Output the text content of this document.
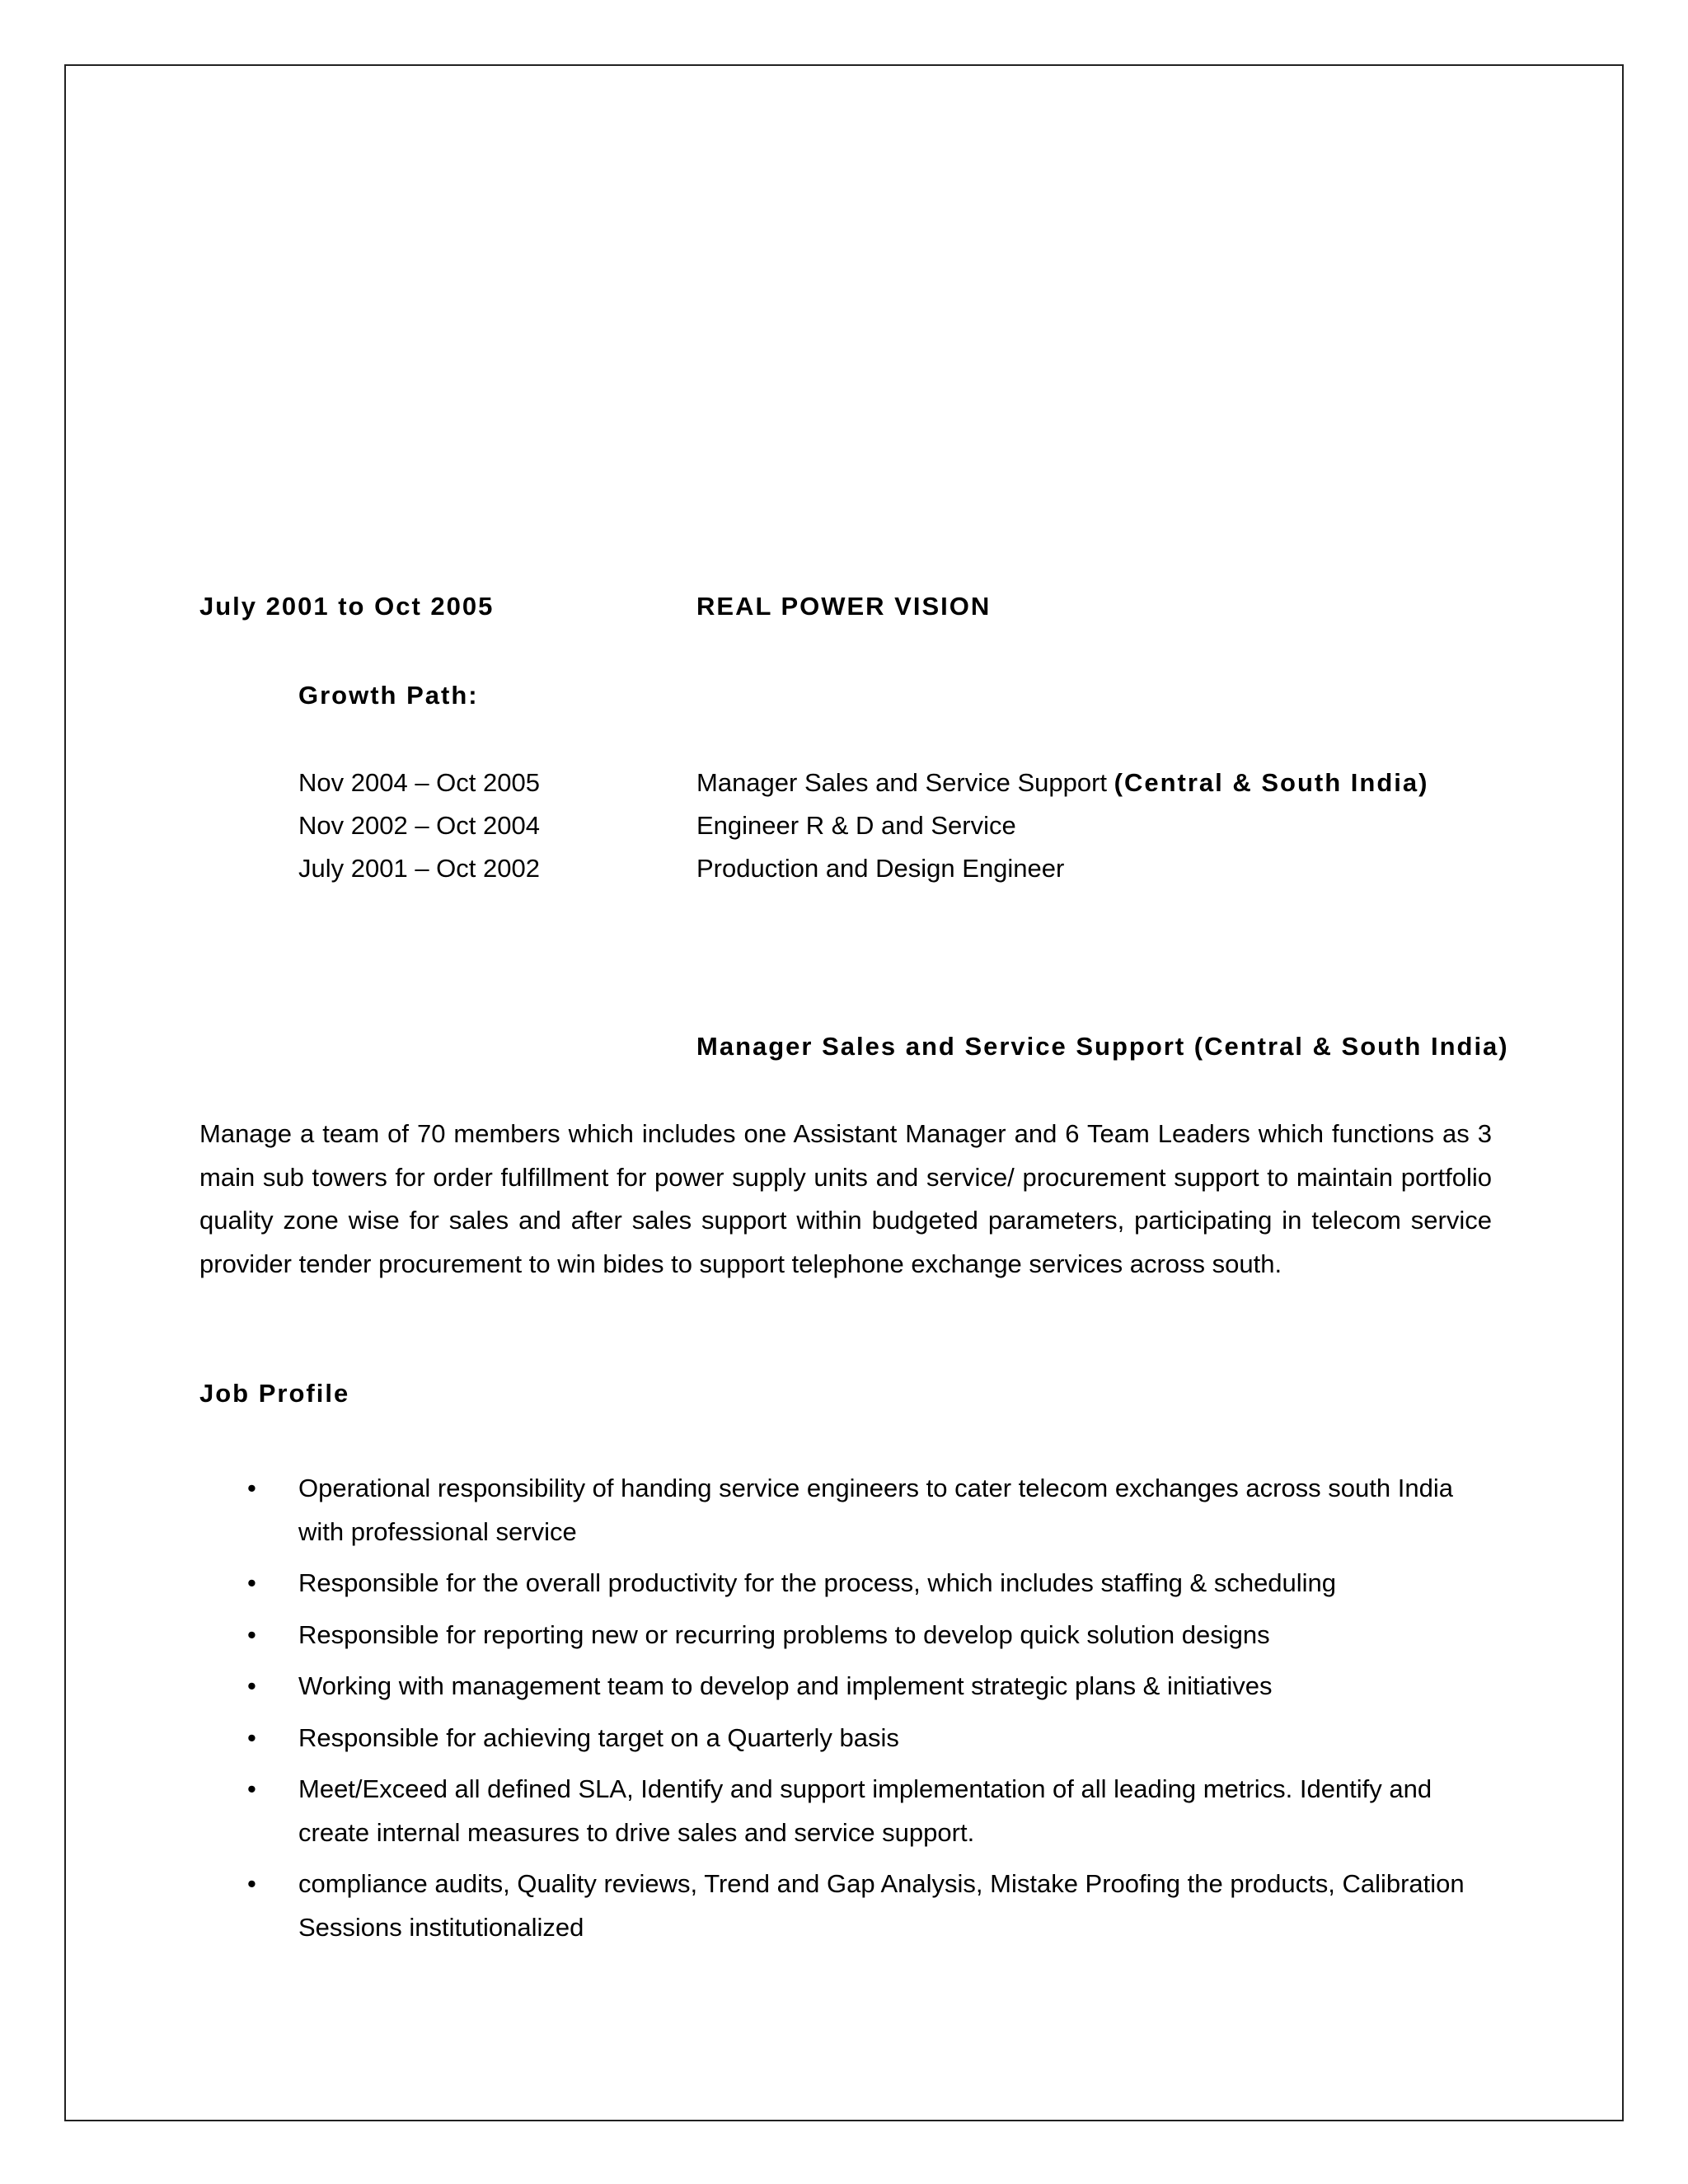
July 2001 to Oct 2005	REAL POWER VISION
Growth Path:
Nov 2004 – Oct 2005	Manager Sales and Service Support (Central & South India)
Nov 2002 – Oct 2004	Engineer R & D and Service
July 2001 – Oct 2002	Production and Design Engineer
Manager Sales and Service Support (Central & South India)
Manage a team of 70 members which includes one Assistant Manager and 6 Team Leaders which functions as 3 main sub towers for order fulfillment for power supply units and service/ procurement support to maintain portfolio quality zone wise for sales and after sales support within budgeted parameters, participating in telecom service provider tender procurement to win bides to support telephone exchange services across south.
Job Profile
• Operational responsibility of handing service engineers to cater telecom exchanges across south India with professional service
• Responsible for the overall productivity for the process, which includes staffing & scheduling
• Responsible for reporting new or recurring problems to develop quick solution designs
• Working with management team to develop and implement strategic plans & initiatives
• Responsible for achieving target on a Quarterly basis
• Meet/Exceed all defined SLA, Identify and support implementation of all leading metrics. Identify and create internal measures to drive sales and service support.
• compliance audits, Quality reviews, Trend and Gap Analysis, Mistake Proofing the products, Calibration Sessions institutionalized
